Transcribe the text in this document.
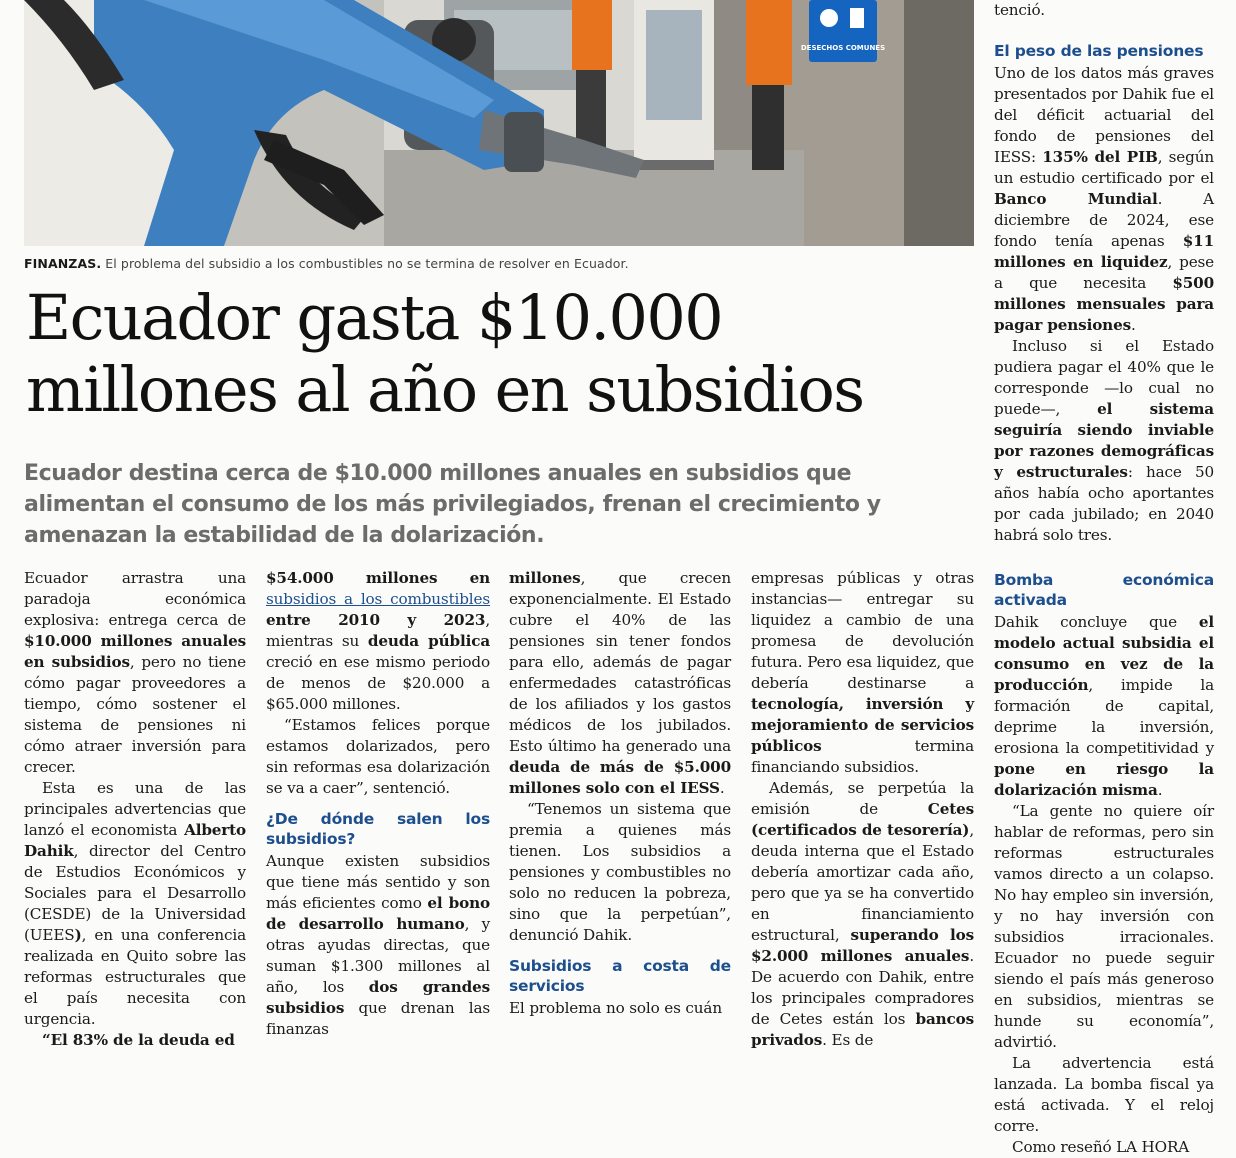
DESECHOS COMUNES
FINANZAS. El problema del subsidio a los combustibles no se termina de resolver en Ecuador.
Ecuador gasta $10.000 millones al año en subsidios

Ecuador destina cerca de $10.000 millones anuales en subsidios que alimentan el consumo de los más privilegiados, frenan el crecimiento y amenazan la estabilidad de la dolarización.

Ecuador arrastra una paradoja económica explosiva: entrega cerca de $10.000 millones anuales en subsidios, pero no tiene cómo pagar proveedores a tiempo, cómo sostener el sistema de pensiones ni cómo atraer inversión para crecer.

Esta es una de las principales advertencias que lanzó el economista Alberto Dahik, director del Centro de Estudios Económicos y Sociales para el Desarrollo (CESDE) de la Universidad (UEES), en una conferencia realizada en Quito sobre las reformas estructurales que el país necesita con urgencia.

“El 83% de la deuda ed

$54.000 millones en subsidios a los combustibles entre 2010 y 2023, mientras su deuda pública creció en ese mismo periodo de menos de $20.000 a $65.000 millones.

“Estamos felices porque estamos dolarizados, pero sin reformas esa dolarización se va a caer”, sentenció.

¿De dónde salen los subsidios?

Aunque existen subsidios que tiene más sentido y son más eficientes como el bono de desarrollo humano, y otras ayudas directas, que suman $1.300 millones al año, los dos grandes subsidios que drenan las finanzas

millones, que crecen exponencialmente. El Estado cubre el 40% de las pensiones sin tener fondos para ello, además de pagar enfermedades catastróficas de los afiliados y los gastos médicos de los jubilados. Esto último ha generado una deuda de más de $5.000 millones solo con el IESS.

“Tenemos un sistema que premia a quienes más tienen. Los subsidios a pensiones y combustibles no solo no reducen la pobreza, sino que la perpetúan”, denunció Dahik.

Subsidios a costa de servicios

El problema no solo es cuán

empresas públicas y otras instancias— entregar su liquidez a cambio de una promesa de devolución futura. Pero esa liquidez, que debería destinarse a tecnología, inversión y mejoramiento de servicios públicos termina financiando subsidios.

Además, se perpetúa la emisión de Cetes (certificados de tesorería), deuda interna que el Estado debería amortizar cada año, pero que ya se ha convertido en financiamiento estructural, superando los $2.000 millones anuales. De acuerdo con Dahik, entre los principales compradores de Cetes están los bancos privados. Es de

tenció.

El peso de las pensiones

Uno de los datos más graves presentados por Dahik fue el del déficit actuarial del fondo de pensiones del IESS: 135% del PIB, según un estudio certificado por el Banco Mundial. A diciembre de 2024, ese fondo tenía apenas $11 millones en liquidez, pese a que necesita $500 millones mensuales para pagar pensiones.

Incluso si el Estado pudiera pagar el 40% que le corresponde —lo cual no puede—, el sistema seguiría siendo inviable por razones demográficas y estructurales: hace 50 años había ocho aportantes por cada jubilado; en 2040 habrá solo tres.

Bomba económica activada

Dahik concluye que el modelo actual subsidia el consumo en vez de la producción, impide la formación de capital, deprime la inversión, erosiona la competitividad y pone en riesgo la dolarización misma.

“La gente no quiere oír hablar de reformas, pero sin reformas estructurales vamos directo a un colapso. No hay empleo sin inversión, y no hay inversión con subsidios irracionales. Ecuador no puede seguir siendo el país más generoso en subsidios, mientras se hunde su economía”, advirtió.

La advertencia está lanzada. La bomba fiscal ya está activada. Y el reloj corre.

Como reseñó LA HORA
